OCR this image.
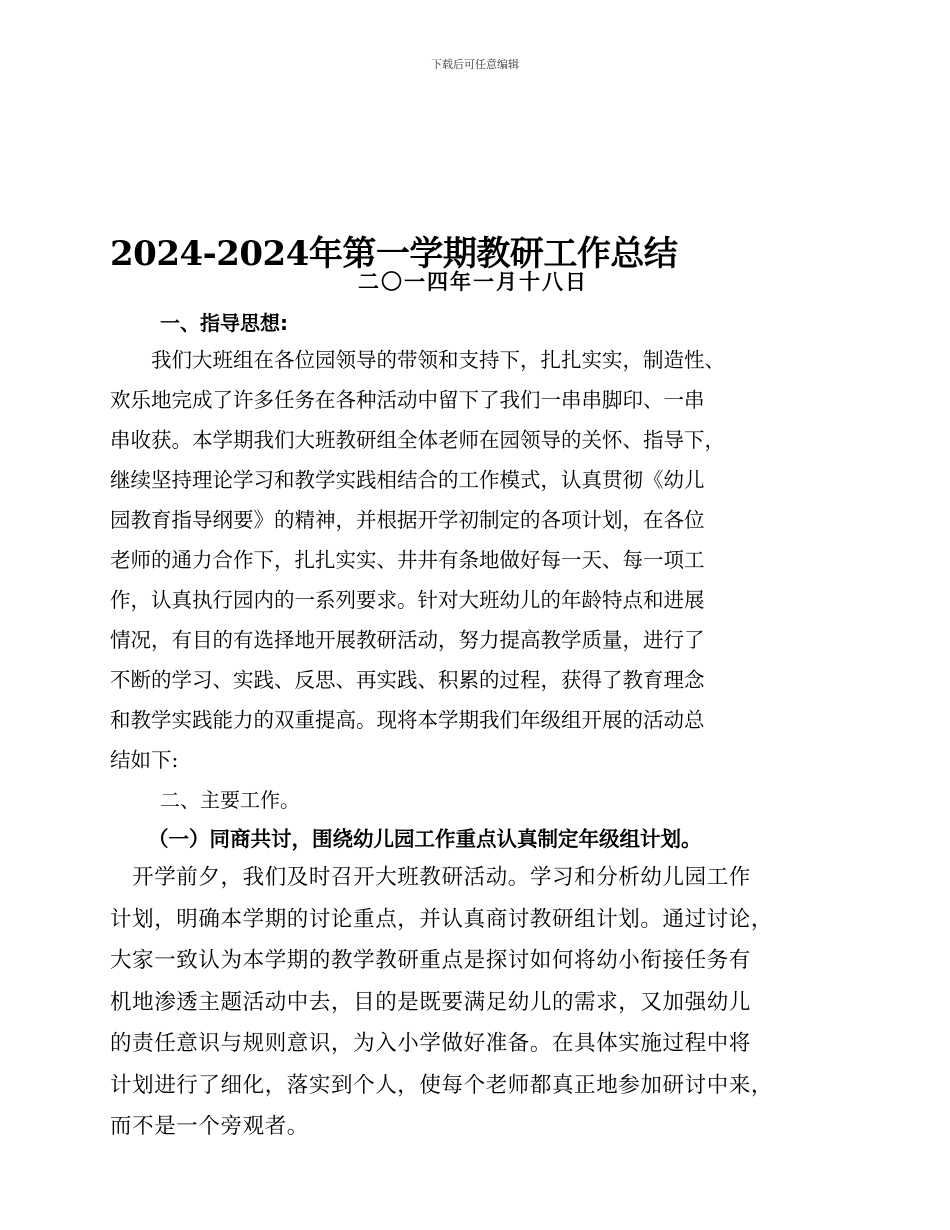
下载后可任意编辑
2024-2024年第一学期教研工作总结
二〇一四年一月十八日
一、指导思想:
　　我们大班组在各位园领导的带领和支持下，扎扎实实，制造性、
欢乐地完成了许多任务在各种活动中留下了我们一串串脚印、一串
串收获。本学期我们大班教研组全体老师在园领导的关怀、指导下，
继续坚持理论学习和教学实践相结合的工作模式，认真贯彻《幼儿
园教育指导纲要》的精神，并根据开学初制定的各项计划，在各位
老师的通力合作下，扎扎实实、井井有条地做好每一天、每一项工
作，认真执行园内的一系列要求。针对大班幼儿的年龄特点和进展
情况，有目的有选择地开展教研活动，努力提高教学质量，进行了
不断的学习、实践、反思、再实践、积累的过程，获得了教育理念
和教学实践能力的双重提高。现将本学期我们年级组开展的活动总
结如下:
二、主要工作。
（一）同商共讨，围绕幼儿园工作重点认真制定年级组计划。
　开学前夕，我们及时召开大班教研活动。学习和分析幼儿园工作
计划，明确本学期的讨论重点，并认真商讨教研组计划。通过讨论，
大家一致认为本学期的教学教研重点是探讨如何将幼小衔接任务有
机地渗透主题活动中去，目的是既要满足幼儿的需求，又加强幼儿
的责任意识与规则意识，为入小学做好准备。在具体实施过程中将
计划进行了细化，落实到个人，使每个老师都真正地参加研讨中来，
而不是一个旁观者。
